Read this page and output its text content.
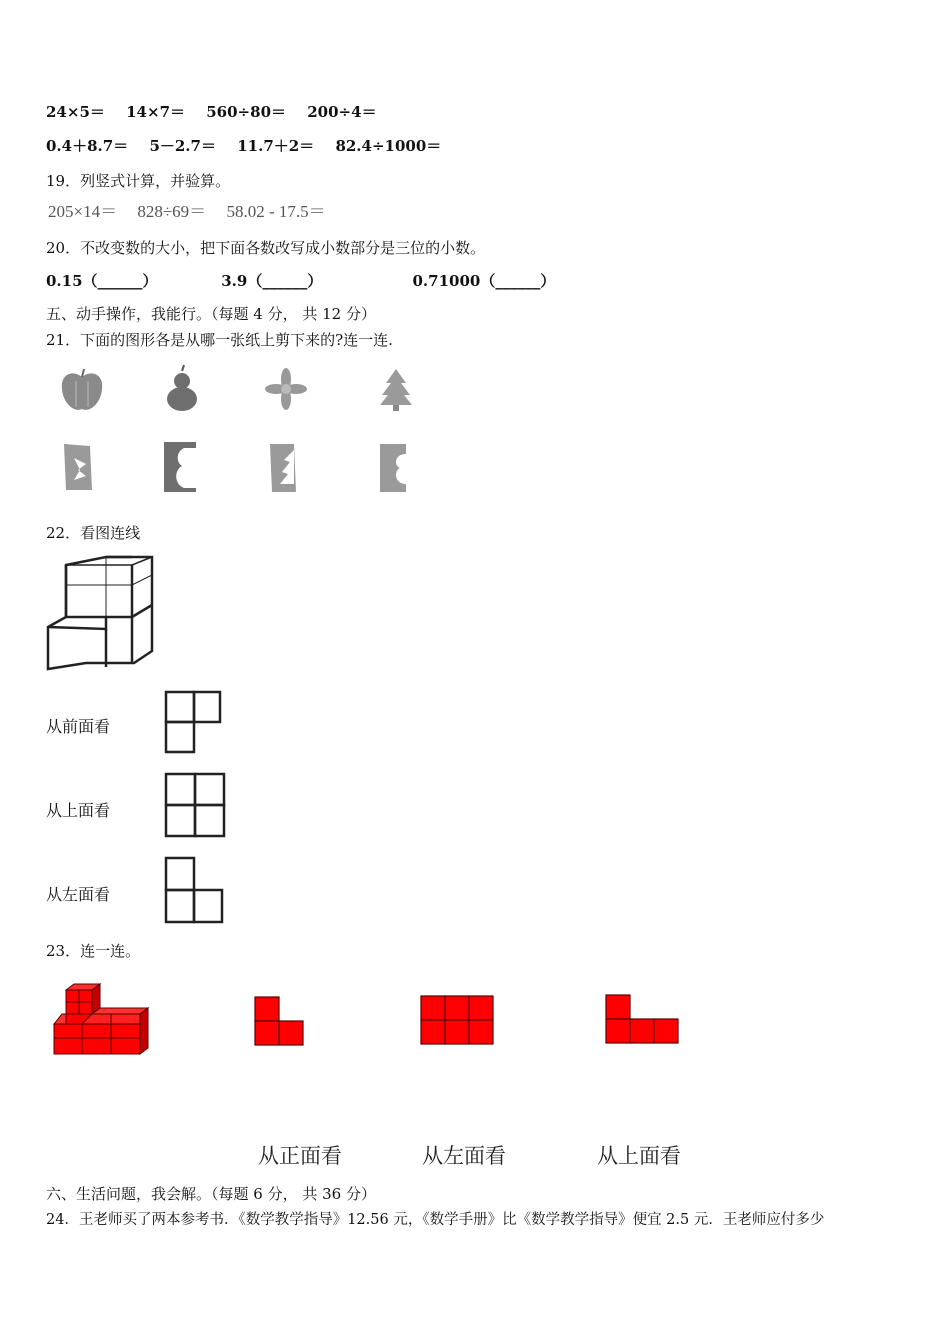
24×5＝ 14×7＝ 560÷80＝ 200÷4＝
0.4＋8.7＝ 5－2.7＝ 11.7＋2＝ 82.4÷1000＝
19．列竖式计算，并验算。
205×14＝ 828÷69＝ 58.02 - 17.5＝
20．不改变数的大小，把下面各数改写成小数部分是三位的小数。
0.15（______）	3.9（______）	0.71000（______）
五、动手操作，我能行。（每题 4 分， 共 12 分）
21．下面的图形各是从哪一张纸上剪下来的?连一连.
22．看图连线
从前面看
从上面看
从左面看
23．连一连。
从正面看	从左面看	从上面看
六、生活问题，我会解。（每题 6 分， 共 36 分）
24．王老师买了两本参考书．《数学教学指导》12.56 元，《数学手册》比《数学教学指导》便宜 2.5 元．王老师应付多少
